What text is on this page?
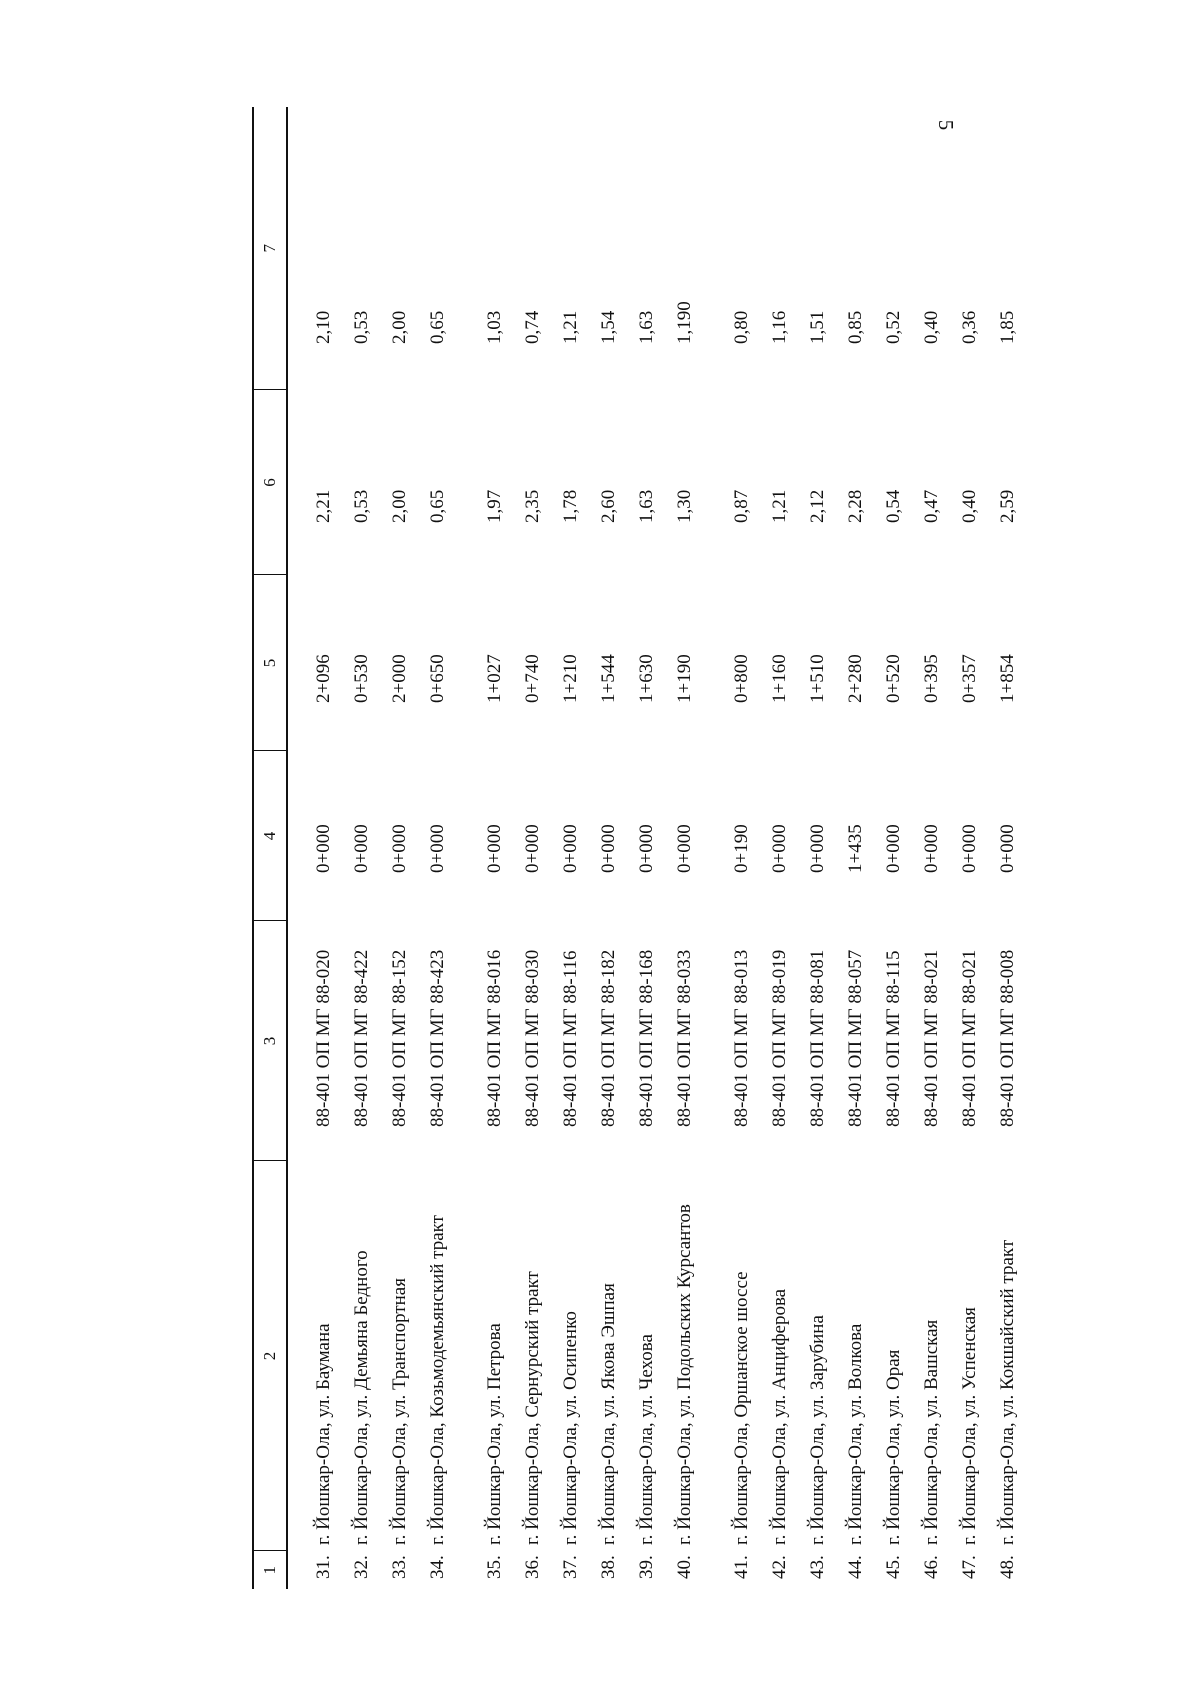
5
1	2	3	4	5	6	7
31.	г. Йошкар-Ола, ул. Баумана	88-401 ОП МГ 88-020	0+000	2+096	2,21	2,10
32.	г. Йошкар-Ола, ул. Демьяна Бедного	88-401 ОП МГ 88-422	0+000	0+530	0,53	0,53
33.	г. Йошкар-Ола, ул. Транспортная	88-401 ОП МГ 88-152	0+000	2+000	2,00	2,00
34.	г. Йошкар-Ола, Козьмодемьянский тракт	88-401 ОП МГ 88-423	0+000	0+650	0,65	0,65
35.	г. Йошкар-Ола, ул. Петрова	88-401 ОП МГ 88-016	0+000	1+027	1,97	1,03
36.	г. Йошкар-Ола, Сернурский тракт	88-401 ОП МГ 88-030	0+000	0+740	2,35	0,74
37.	г. Йошкар-Ола, ул. Осипенко	88-401 ОП МГ 88-116	0+000	1+210	1,78	1,21
38.	г. Йошкар-Ола, ул. Якова Эшпая	88-401 ОП МГ 88-182	0+000	1+544	2,60	1,54
39.	г. Йошкар-Ола, ул. Чехова	88-401 ОП МГ 88-168	0+000	1+630	1,63	1,63
40.	г. Йошкар-Ола, ул. Подольских Курсантов	88-401 ОП МГ 88-033	0+000	1+190	1,30	1,190
41.	г. Йошкар-Ола, Оршанское шоссе	88-401 ОП МГ 88-013	0+190	0+800	0,87	0,80
42.	г. Йошкар-Ола, ул. Анциферова	88-401 ОП МГ 88-019	0+000	1+160	1,21	1,16
43.	г. Йошкар-Ола, ул. Зарубина	88-401 ОП МГ 88-081	0+000	1+510	2,12	1,51
44.	г. Йошкар-Ола, ул. Волкова	88-401 ОП МГ 88-057	1+435	2+280	2,28	0,85
45.	г. Йошкар-Ола, ул. Орая	88-401 ОП МГ 88-115	0+000	0+520	0,54	0,52
46.	г. Йошкар-Ола, ул. Вашская	88-401 ОП МГ 88-021	0+000	0+395	0,47	0,40
47.	г. Йошкар-Ола, ул. Успенская	88-401 ОП МГ 88-021	0+000	0+357	0,40	0,36
48.	г. Йошкар-Ола, ул. Кокшайский тракт	88-401 ОП МГ 88-008	0+000	1+854	2,59	1,85
